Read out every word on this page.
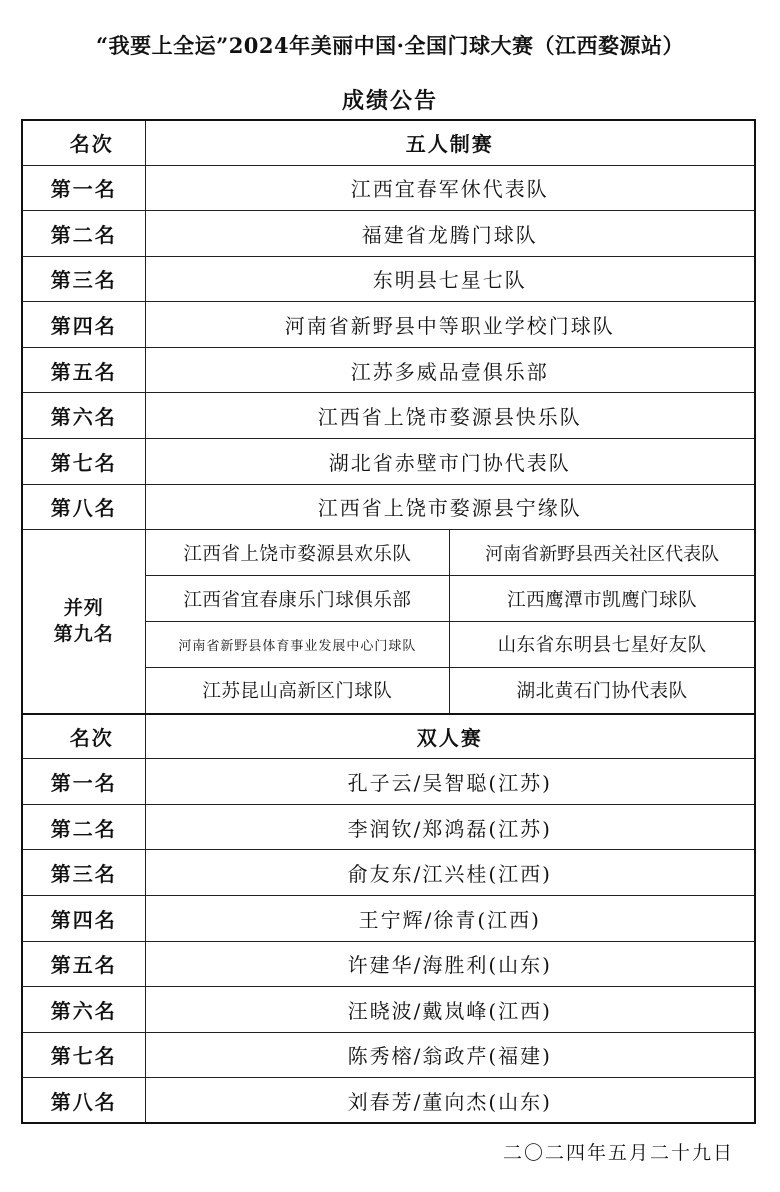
“我要上全运”2024年美丽中国·全国门球大赛（江西婺源站）
成绩公告
名次	五人制赛
第一名	江西宜春军休代表队
第二名	福建省龙腾门球队
第三名	东明县七星七队
第四名	河南省新野县中等职业学校门球队
第五名	江苏多威品壹俱乐部
第六名	江西省上饶市婺源县快乐队
第七名	湖北省赤壁市门协代表队
第八名	江西省上饶市婺源县宁缘队

并列
第九名

江西省上饶市婺源县欢乐队	河南省新野县西关社区代表队
江西省宜春康乐门球俱乐部	江西鹰潭市凯鹰门球队
河南省新野县体育事业发展中心门球队	山东省东明县七星好友队
江苏昆山高新区门球队	湖北黄石门协代表队

名次	双人赛
第一名	孔子云/吴智聪(江苏)
第二名	李润钦/郑鸿磊(江苏)
第三名	俞友东/江兴桂(江西)
第四名	王宁辉/徐青(江西)
第五名	许建华/海胜利(山东)
第六名	汪晓波/戴岚峰(江西)
第七名	陈秀榕/翁政芹(福建)
第八名	刘春芳/董向杰(山东)
二〇二四年五月二十九日
